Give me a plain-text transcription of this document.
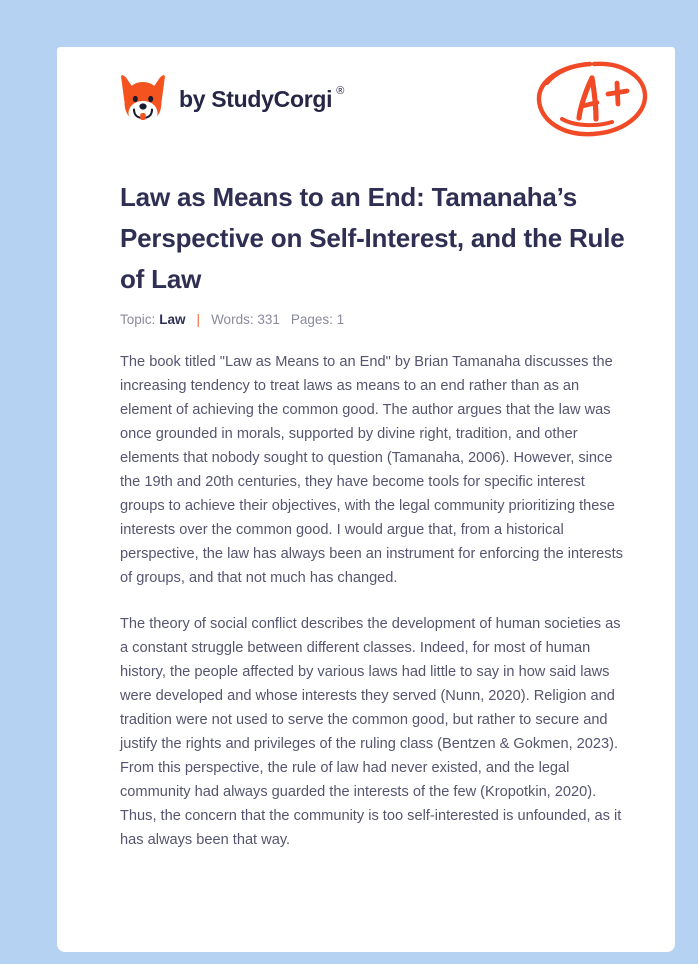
by StudyCorgi ®
Law as Means to an End: Tamanaha’s Perspective on Self-Interest, and the Rule of Law
Topic: Law | Words: 331 Pages: 1

The book titled "Law as Means to an End" by Brian Tamanaha discusses the increasing tendency to treat laws as means to an end rather than as an element of achieving the common good. The author argues that the law was once grounded in morals, supported by divine right, tradition, and other elements that nobody sought to question (Tamanaha, 2006). However, since the 19th and 20th centuries, they have become tools for specific interest groups to achieve their objectives, with the legal community prioritizing these interests over the common good. I would argue that, from a historical perspective, the law has always been an instrument for enforcing the interests of groups, and that not much has changed.

The theory of social conflict describes the development of human societies as a constant struggle between different classes. Indeed, for most of human history, the people affected by various laws had little to say in how said laws were developed and whose interests they served (Nunn, 2020). Religion and tradition were not used to serve the common good, but rather to secure and justify the rights and privileges of the ruling class (Bentzen & Gokmen, 2023). From this perspective, the rule of law had never existed, and the legal community had always guarded the interests of the few (Kropotkin, 2020). Thus, the concern that the community is too self-interested is unfounded, as it has always been that way.
